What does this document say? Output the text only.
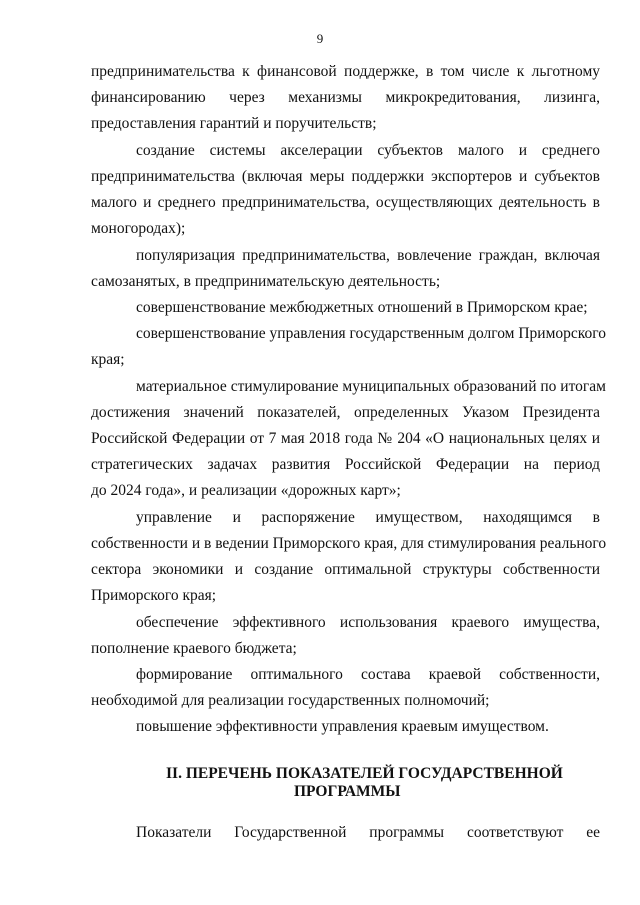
9
предпринимательства к финансовой поддержке, в том числе к льготному
финансированию через механизмы микрокредитования, лизинга,
предоставления гарантий и поручительств;
создание системы акселерации субъектов малого и среднего
предпринимательства (включая меры поддержки экспортеров и субъектов
малого и среднего предпринимательства, осуществляющих деятельность в
моногородах);
популяризация предпринимательства, вовлечение граждан, включая
самозанятых, в предпринимательскую деятельность;
совершенствование межбюджетных отношений в Приморском крае;
совершенствование управления государственным долгом Приморского
края;
материальное стимулирование муниципальных образований по итогам
достижения значений показателей, определенных Указом Президента
Российской Федерации от 7 мая 2018 года № 204 «О национальных целях и
стратегических задачах развития Российской Федерации на период
до 2024 года», и реализации «дорожных карт»;
управление и распоряжение имуществом, находящимся в
собственности и в ведении Приморского края, для стимулирования реального
сектора экономики и создание оптимальной структуры собственности
Приморского края;
обеспечение эффективного использования краевого имущества,
пополнение краевого бюджета;
формирование оптимального состава краевой собственности,
необходимой для реализации государственных полномочий;
повышение эффективности управления краевым имуществом.
II. ПЕРЕЧЕНЬ ПОКАЗАТЕЛЕЙ ГОСУДАРСТВЕННОЙ
ПРОГРАММЫ
Показатели Государственной программы соответствуют ее
